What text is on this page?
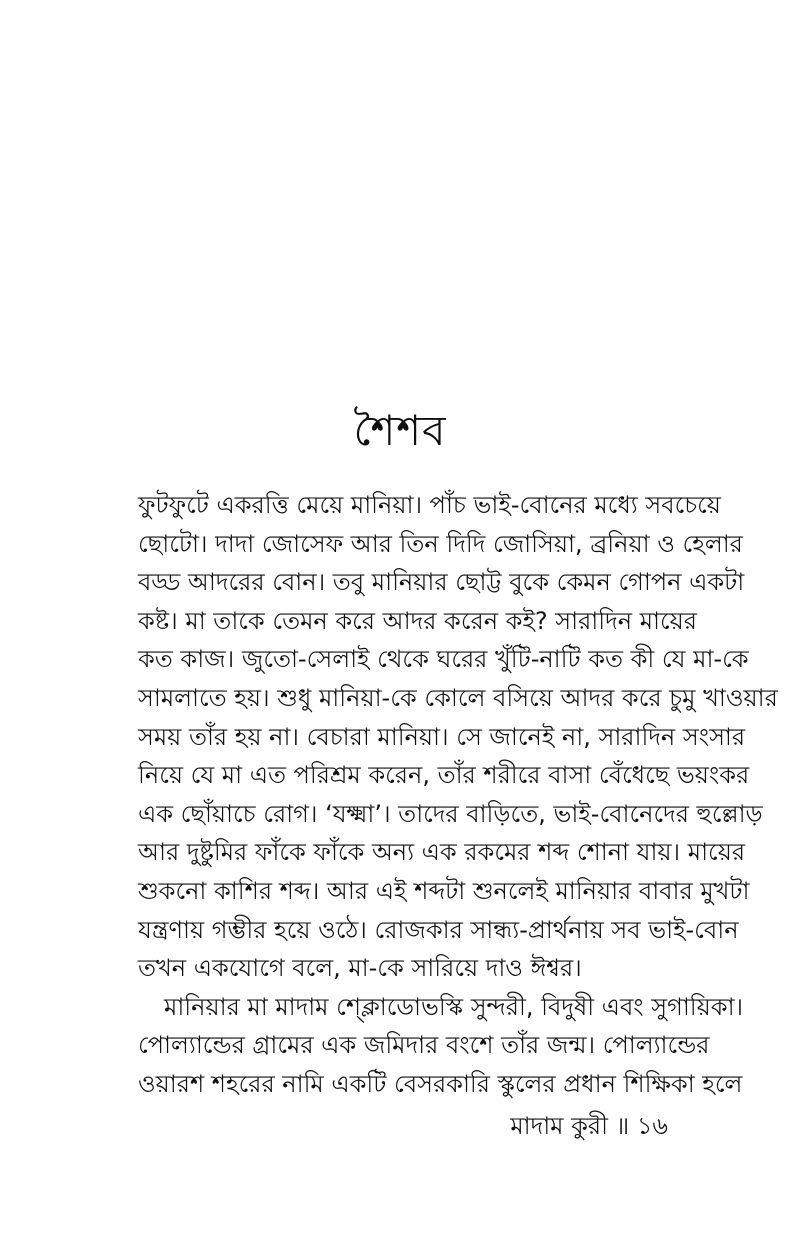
শৈশব
ফুটফুটে একরত্তি মেয়ে মানিয়া। পাঁচ ভাই-বোনের মধ্যে সবচেয়ে
ছোটো। দাদা জোসেফ আর তিন দিদি জোসিয়া, ব্রনিয়া ও হেলার
বড্ড আদরের বোন। তবু মানিয়ার ছোট্ট বুকে কেমন গোপন একটা
কষ্ট। মা তাকে তেমন করে আদর করেন কই? সারাদিন মায়ের
কত কাজ। জুতো-সেলাই থেকে ঘরের খুঁটি-নাটি কত কী যে মা-কে
সামলাতে হয়। শুধু মানিয়া-কে কোলে বসিয়ে আদর করে চুমু খাওয়ার
সময় তাঁর হয় না। বেচারা মানিয়া। সে জানেই না, সারাদিন সংসার
নিয়ে যে মা এত পরিশ্রম করেন, তাঁর শরীরে বাসা বেঁধেছে ভয়ংকর
এক ছোঁয়াচে রোগ। ‘যক্ষ্মা’। তাদের বাড়িতে, ভাই-বোনেদের হুল্লোড়
আর দুষ্টুমির ফাঁকে ফাঁকে অন্য এক রকমের শব্দ শোনা যায়। মায়ের
শুকনো কাশির শব্দ। আর এই শব্দটা শুনলেই মানিয়ার বাবার মুখটা
যন্ত্রণায় গম্ভীর হয়ে ওঠে। রোজকার সান্ধ্য-প্রার্থনায় সব ভাই-বোন
তখন একযোগে বলে, মা-কে সারিয়ে দাও ঈশ্বর।
মানিয়ার মা মাদাম শ্ক্লোডোভস্কি সুন্দরী, বিদুষী এবং সুগায়িকা।
পোল্যান্ডের গ্রামের এক জমিদার বংশে তাঁর জন্ম। পোল্যান্ডের
ওয়ারশ শহরের নামি একটি বেসরকারি স্কুলের প্রধান শিক্ষিকা হলে
মাদাম কুরী ॥ ১৬
